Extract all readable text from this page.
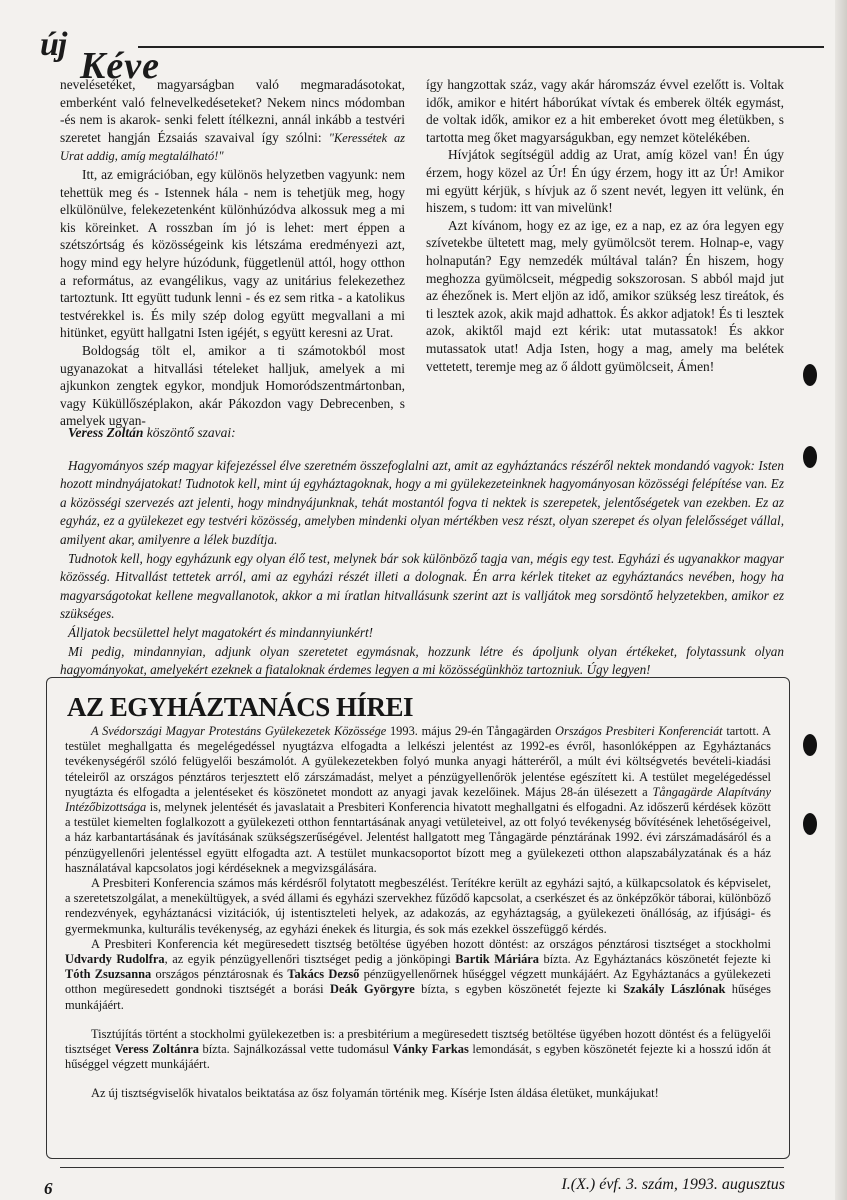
új
Kéve

nevelésetéket, magyarságban való megmaradásotokat, emberként való felnevelkedéseteket? Nekem nincs módomban -és nem is akarok- senki felett ítélkezni, annál inkább a testvéri szeretet hangján Ézsaiás szavaival így szólni: "Keressétek az Urat addig, amíg megtalálható!"

Itt, az emigrációban, egy különös helyzetben vagyunk: nem tehettük meg és - Istennek hála - nem is tehetjük meg, hogy elkülönülve, felekezetenként különhúzódva alkossuk meg a mi kis köreinket. A rosszban ím jó is lehet: mert éppen a szétszórtság és közösségeink kis létszáma eredményezi azt, hogy mind egy helyre húzódunk, függetlenül attól, hogy otthon a református, az evangélikus, vagy az unitárius felekezethez tartoztunk. Itt együtt tudunk lenni - és ez sem ritka - a katolikus testvérekkel is. És mily szép dolog együtt megvallani a mi hitünket, együtt hallgatni Isten igéjét, s együtt keresni az Urat.

Boldogság tölt el, amikor a ti számotokból most ugyanazokat a hitvallási tételeket halljuk, amelyek a mi ajkunkon zengtek egykor, mondjuk Homoródszentmártonban, vagy Küküllőszéplakon, akár Pákozdon vagy Debrecenben, s amelyek ugyan-

így hangzottak száz, vagy akár háromszáz évvel ezelőtt is. Voltak idők, amikor e hitért háborúkat vívtak és emberek ölték egymást, de voltak idők, amikor ez a hit embereket óvott meg életükben, s tartotta meg őket magyarságukban, egy nemzet kötelékében.

Hívjátok segítségül addig az Urat, amíg közel van! Én úgy érzem, hogy közel az Úr! Én úgy érzem, hogy itt az Úr! Amikor mi együtt kérjük, s hívjuk az ő szent nevét, legyen itt velünk, én hiszem, s tudom: itt van mivelünk!

Azt kívánom, hogy ez az ige, ez a nap, ez az óra legyen egy szívetekbe ültetett mag, mely gyümölcsöt terem. Holnap-e, vagy holnapután? Egy nemzedék múltával talán? Én hiszem, hogy meghozza gyümölcseit, mégpedig sokszorosan. S abból majd jut az éhezőnek is. Mert eljön az idő, amikor szükség lesz tireátok, és ti lesztek azok, akik majd adhattok. És akkor adjatok! És ti lesztek azok, akiktől majd ezt kérik: utat mutassatok! És akkor mutassatok utat! Adja Isten, hogy a mag, amely ma belétek vettetett, teremje meg az ő áldott gyümölcseit, Ámen!

Veress Zoltán köszöntő szavai:

Hagyományos szép magyar kifejezéssel élve szeretném összefoglalni azt, amit az egyháztanács részéről nektek mondandó vagyok: Isten hozott mindnyájatokat! Tudnotok kell, mint új egyháztagoknak, hogy a mi gyülekezeteinknek hagyományosan közösségi felépítése van. Ez a közösségi szervezés azt jelenti, hogy mindnyájunknak, tehát mostantól fogva ti nektek is szerepetek, jelentőségetek van ezekben. Ez az egyház, ez a gyülekezet egy testvéri közösség, amelyben mindenki olyan mértékben vesz részt, olyan szerepet és olyan felelősséget vállal, amilyent akar, amilyenre a lélek buzdítja.

Tudnotok kell, hogy egyházunk egy olyan élő test, melynek bár sok különböző tagja van, mégis egy test. Egyházi és ugyanakkor magyar közösség. Hitvallást tettetek arról, ami az egyházi részét illeti a dolognak. Én arra kérlek titeket az egyháztanács nevében, hogy ha magyarságotokat kellene megvallanotok, akkor a mi íratlan hitvallásunk szerint azt is valljátok meg sorsdöntő helyzetekben, amikor ez szükséges.

Álljatok becsülettel helyt magatokért és mindannyiunkért!

Mi pedig, mindannyian, adjunk olyan szeretetet egymásnak, hozzunk létre és ápoljunk olyan értékeket, folytassunk olyan hagyományokat, amelyekért ezeknek a fiataloknak érdemes legyen a mi közösségünkhöz tartozniuk. Úgy legyen!

AZ EGYHÁZTANÁCS HÍREI

A Svédországi Magyar Protestáns Gyülekezetek Közössége 1993. május 29-én Tångagärden Országos Presbiteri Konferenciát tartott. A testület meghallgatta és megelégedéssel nyugtázva elfogadta a lelkészi jelentést az 1992-es évről, hasonlóképpen az Egyháztanács tevékenységéről szóló felügyelői beszámolót. A gyülekezetekben folyó munka anyagi hátteréről, a múlt évi költségvetés bevételi-kiadási tételeiről az országos pénztáros terjesztett elő zárszámadást, melyet a pénzügyellenőrök jelentése egészített ki. A testület megelégedéssel nyugtázta és elfogadta a jelentéseket és köszönetet mondott az anyagi javak kezelőinek. Május 28-án ülésezett a Tångagärde Alapítvány Intézőbizottsága is, melynek jelentését és javaslatait a Presbiteri Konferencia hivatott meghallgatni és elfogadni. Az időszerű kérdések között a testület kiemelten foglalkozott a gyülekezeti otthon fenntartásának anyagi vetületeivel, az ott folyó tevékenység bővítésének lehetőségeivel, a ház karbantartásának és javításának szükségszerűségével. Jelentést hallgatott meg Tångagärde pénztárának 1992. évi zárszámadásáról és a pénzügyellenőri jelentéssel együtt elfogadta azt. A testület munkacsoportot bízott meg a gyülekezeti otthon alapszabályzatának és a ház használatával kapcsolatos jogi kérdéseknek a megvizsgálására.

A Presbiteri Konferencia számos más kérdésről folytatott megbeszélést. Terítékre került az egyházi sajtó, a külkapcsolatok és képviselet, a szeretetszolgálat, a menekültügyek, a svéd állami és egyházi szervekhez fűződő kapcsolat, a cserkészet és az önképzőkör táborai, különböző rendezvények, egyháztanácsi vizitációk, új istentiszteleti helyek, az adakozás, az egyháztagság, a gyülekezeti önállóság, az ifjúsági- és gyermekmunka, kulturális tevékenység, az egyházi énekek és liturgia, és sok más ezekkel összefüggő kérdés.

A Presbiteri Konferencia két megüresedett tisztség betöltése ügyében hozott döntést: az országos pénztárosi tisztséget a stockholmi Udvardy Rudolfra, az egyik pénzügyellenőri tisztséget pedig a jönköpingi Bartik Máriára bízta. Az Egyháztanács köszönetét fejezte ki Tóth Zsuzsanna országos pénztárosnak és Takács Dezső pénzügyellenőrnek hűséggel végzett munkájáért. Az Egyháztanács a gyülekezeti otthon megüresedett gondnoki tisztségét a borási Deák Györgyre bízta, s egyben köszönetét fejezte ki Szakály Lászlónak hűséges munkájáért.

Tisztújítás történt a stockholmi gyülekezetben is: a presbitérium a megüresedett tisztség betöltése ügyében hozott döntést és a felügyelői tisztséget Veress Zoltánra bízta. Sajnálkozással vette tudomásul Vánky Farkas lemondását, s egyben köszönetét fejezte ki a hosszú időn át hűséggel végzett munkájáért.

Az új tisztségviselők hivatalos beiktatása az ősz folyamán történik meg. Kísérje Isten áldása életüket, munkájukat!

6	I.(X.) évf. 3. szám, 1993. augusztus
